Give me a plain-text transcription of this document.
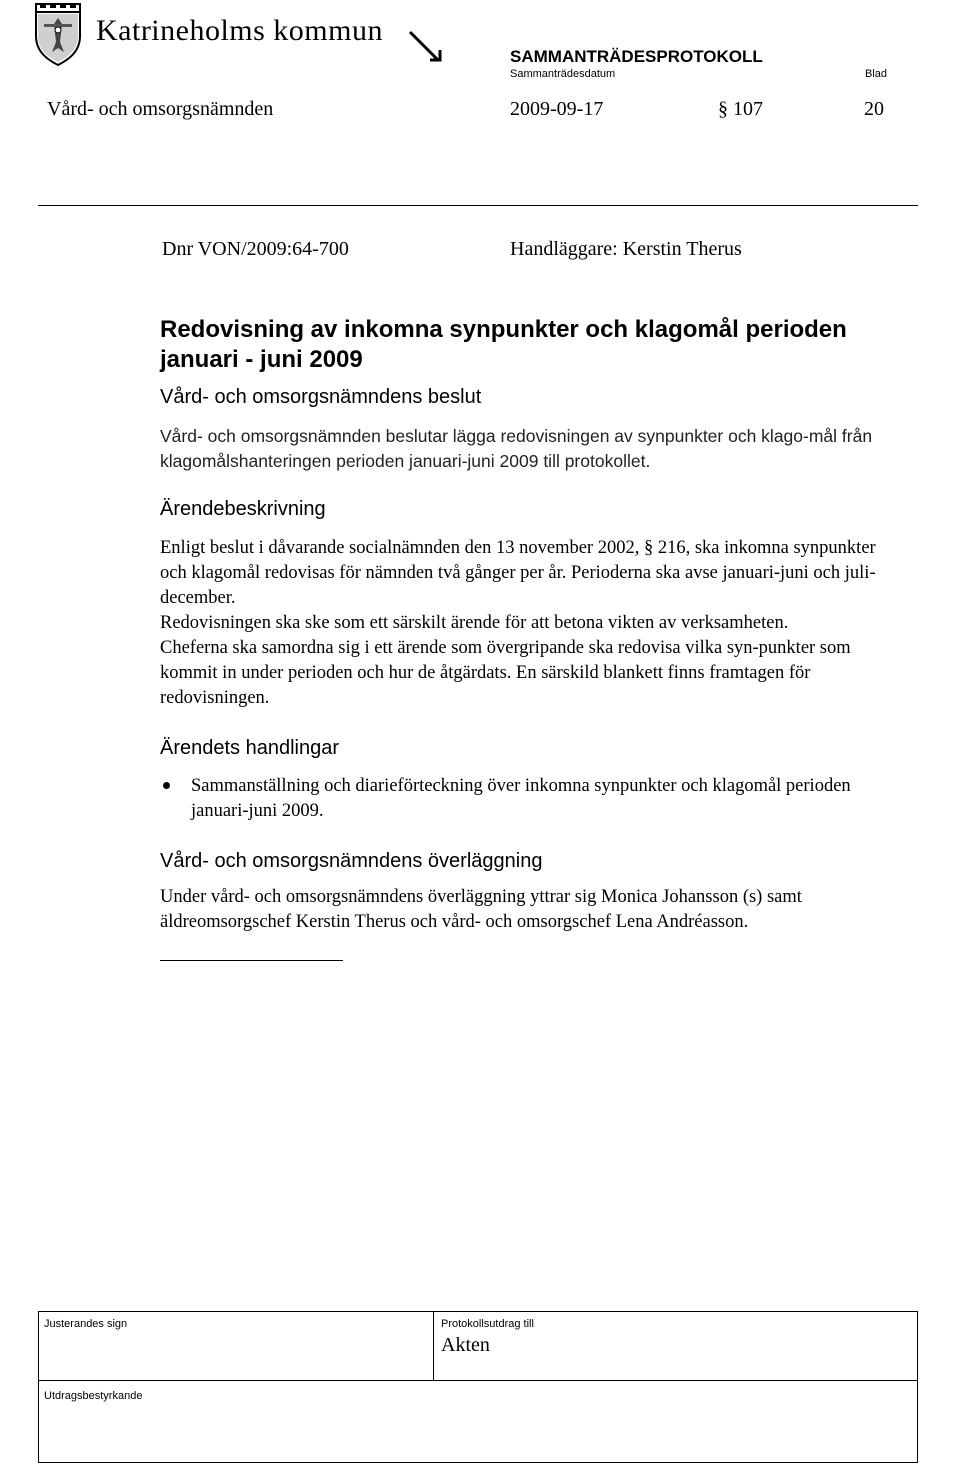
Katrineholms kommun
SAMMANTRÄDESPROTOKOLL
Sammanträdesdatum	Blad
Vård- och omsorgsnämnden	2009-09-17	§ 107	20
Dnr VON/2009:64-700	Handläggare: Kerstin Therus
Redovisning av inkomna synpunkter och klagomål perioden januari - juni 2009
Vård- och omsorgsnämndens beslut
Vård- och omsorgsnämnden beslutar lägga redovisningen av synpunkter och klago-mål från klagomålshanteringen perioden januari-juni 2009 till protokollet.
Ärendebeskrivning
Enligt beslut i dåvarande socialnämnden den 13 november 2002, § 216, ska inkomna synpunkter och klagomål redovisas för nämnden två gånger per år. Perioderna ska avse januari-juni och juli-december.
Redovisningen ska ske som ett särskilt ärende för att betona vikten av verksamheten.
Cheferna ska samordna sig i ett ärende som övergripande ska redovisa vilka syn-punkter som kommit in under perioden och hur de åtgärdats. En särskild blankett finns framtagen för redovisningen.
Ärendets handlingar
Sammanställning och diarieförteckning över inkomna synpunkter och klagomål perioden januari-juni 2009.
Vård- och omsorgsnämndens överläggning
Under vård- och omsorgsnämndens överläggning yttrar sig Monica Johansson (s) samt äldreomsorgschef Kerstin Therus och vård- och omsorgschef Lena Andréasson.
Justerandes sign	Protokollsutdrag till
Akten
Utdragsbestyrkande
